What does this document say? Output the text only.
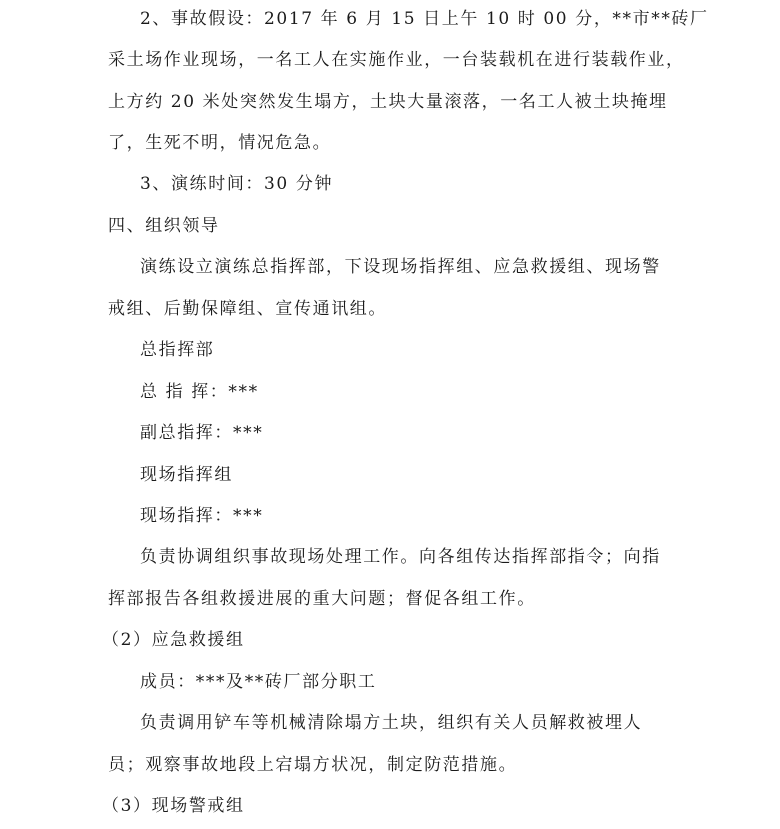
2、事故假设：2017 年 6 月 15 日上午 10 时 00 分，**市**砖厂
采土场作业现场，一名工人在实施作业，一台装载机在进行装载作业，
上方约 20 米处突然发生塌方，土块大量滚落，一名工人被土块掩埋
了，生死不明，情况危急。
3、演练时间：30 分钟
四、组织领导
演练设立演练总指挥部，下设现场指挥组、应急救援组、现场警
戒组、后勤保障组、宣传通讯组。
总指挥部
总 指 挥：***
副总指挥：***
现场指挥组
现场指挥：***
负责协调组织事故现场处理工作。向各组传达指挥部指令；向指
挥部报告各组救援进展的重大问题；督促各组工作。
（2）应急救援组
成员：***及**砖厂部分职工
负责调用铲车等机械清除塌方土块，组织有关人员解救被埋人
员；观察事故地段上宕塌方状况，制定防范措施。
（3）现场警戒组
